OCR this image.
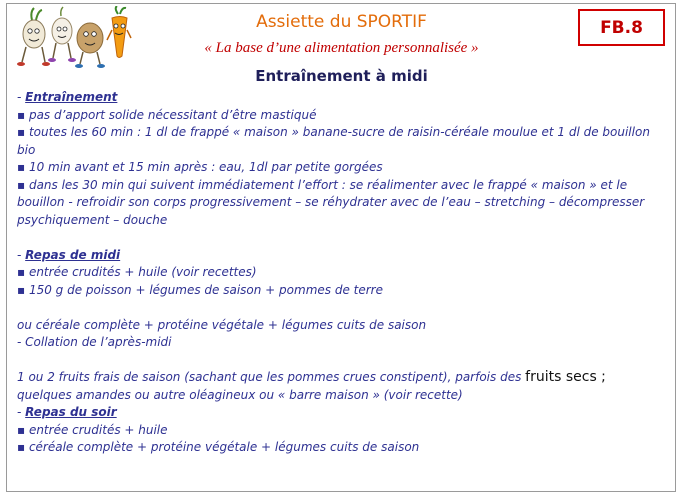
Assiette du SPORTIF
« La base d’une alimentation personnalisée »
FB.8
Entraînement à midi

- Entraînement

▪ pas d’apport solide nécessitant d’être mastiqué

▪ toutes les 60 min : 1 dl de frappé « maison » banane-sucre de raisin-céréale moulue et 1 dl de bouillon bio

▪ 10 min avant et 15 min après : eau, 1dl par petite gorgées

▪ dans les 30 min qui suivent immédiatement l’effort : se réalimenter avec le frappé « maison » et le bouillon - refroidir son corps progressivement – se réhydrater avec de l’eau – stretching – décompresser psychiquement – douche

- Repas de midi

▪ entrée crudités + huile (voir recettes)

▪ 150 g de poisson + légumes de saison + pommes de terre

ou céréale complète + protéine végétale + légumes cuits de saison

- Collation de l’après-midi

1 ou 2 fruits frais de saison (sachant que les pommes crues constipent), parfois des fruits secs ;

quelques amandes ou autre oléagineux ou « barre maison » (voir recette)

- Repas du soir

▪ entrée crudités + huile

▪ céréale complète + protéine végétale + légumes cuits de saison
